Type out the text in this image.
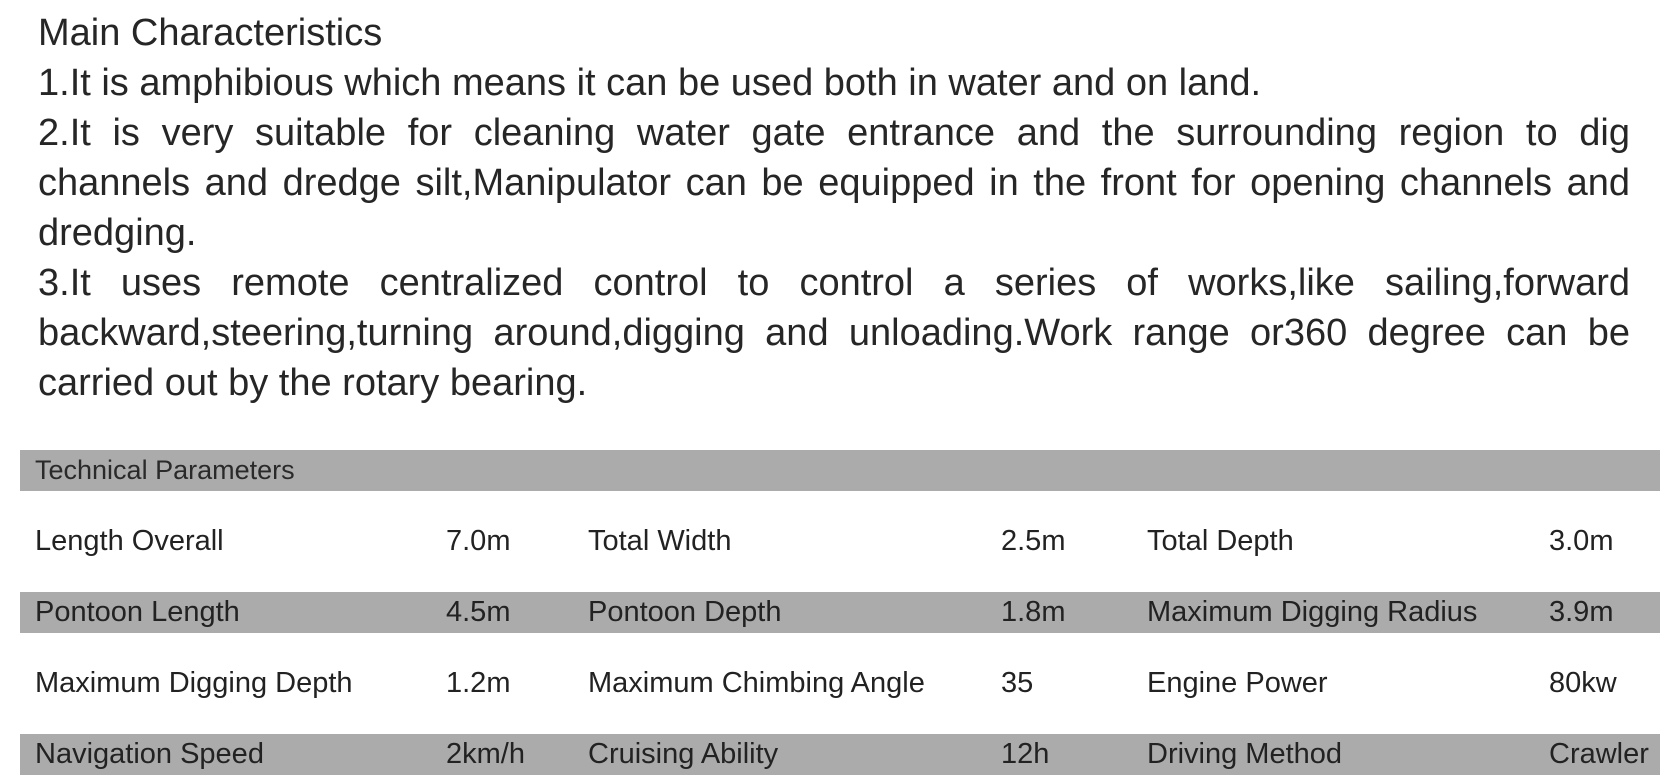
Main Characteristics
1.It is amphibious which means it can be used both in water and on land.
2.It is very suitable for cleaning water gate entrance and the surrounding region to dig channels and dredge silt,Manipulator can be equipped in the front for opening channels and dredging.
3.It uses remote centralized control to control a series of works,like sailing,forward backward,steering,turning around,digging and unloading.Work range or360 degree can be carried out by the rotary bearing.
Technical Parameters
Length Overall	7.0m	Total Width	2.5m	Total Depth	3.0m
Pontoon Length	4.5m	Pontoon Depth	1.8m	Maximum Digging Radius 3.9m
Maximum Digging Depth	1.2m	Maximum Chimbing Angle	35	Engine Power	80kw
Navigation Speed	2km/h Cruising Ability	12h	Driving Method	Crawler
